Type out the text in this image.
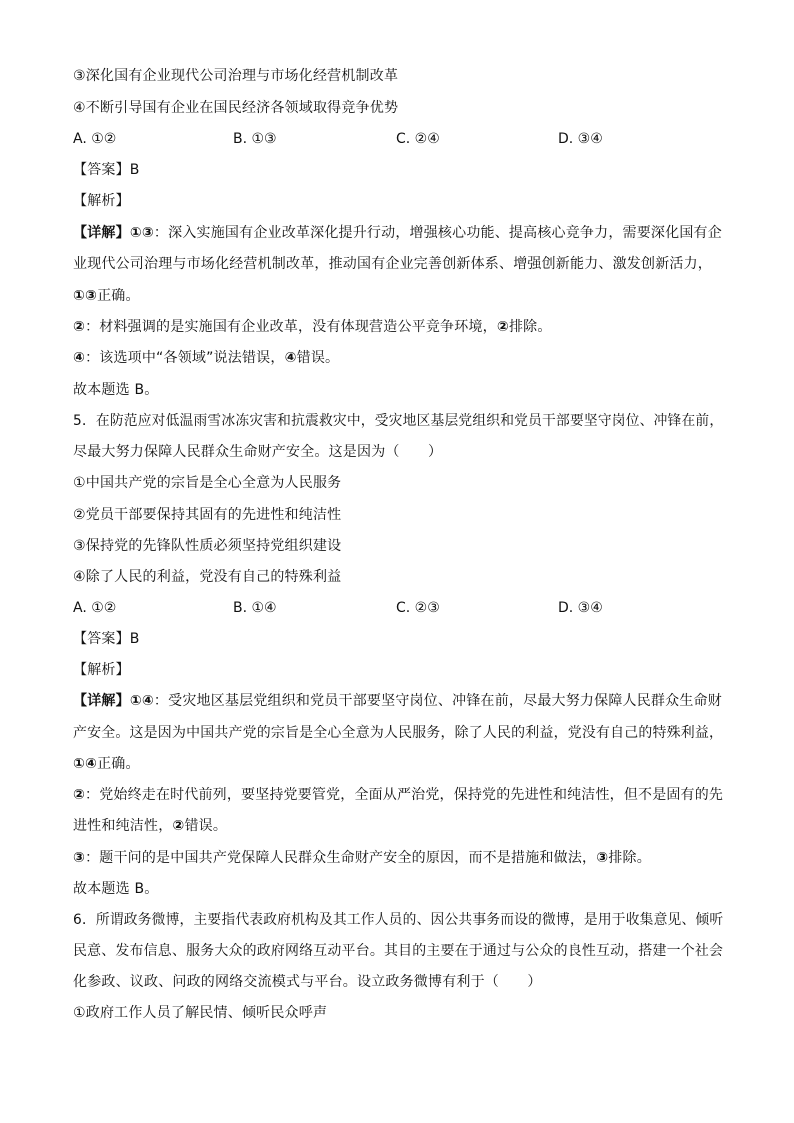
③深化国有企业现代公司治理与市场化经营机制改革
④不断引导国有企业在国民经济各领域取得竞争优势
A. ①②	B. ①③	C. ②④	D. ③④
【答案】B
【解析】
【详解】①③：深入实施国有企业改革深化提升行动，增强核心功能、提高核心竞争力，需要深化国有企
业现代公司治理与市场化经营机制改革，推动国有企业完善创新体系、增强创新能力、激发创新活力，
①③正确。
②：材料强调的是实施国有企业改革，没有体现营造公平竞争环境，②排除。
④：该选项中“各领域”说法错误，④错误。
故本题选 B。
5．在防范应对低温雨雪冰冻灾害和抗震救灾中，受灾地区基层党组织和党员干部要坚守岗位、冲锋在前，
尽最大努力保障人民群众生命财产安全。这是因为（　　）
①中国共产党的宗旨是全心全意为人民服务
②党员干部要保持其固有的先进性和纯洁性
③保持党的先锋队性质必须坚持党组织建设
④除了人民的利益，党没有自己的特殊利益
A. ①②	B. ①④	C. ②③	D. ③④
【答案】B
【解析】
【详解】①④：受灾地区基层党组织和党员干部要坚守岗位、冲锋在前，尽最大努力保障人民群众生命财
产安全。这是因为中国共产党的宗旨是全心全意为人民服务，除了人民的利益，党没有自己的特殊利益，
①④正确。
②：党始终走在时代前列，要坚持党要管党，全面从严治党，保持党的先进性和纯洁性，但不是固有的先
进性和纯洁性，②错误。
③：题干问的是中国共产党保障人民群众生命财产安全的原因，而不是措施和做法，③排除。
故本题选 B。
6．所谓政务微博，主要指代表政府机构及其工作人员的、因公共事务而设的微博，是用于收集意见、倾听
民意、发布信息、服务大众的政府网络互动平台。其目的主要在于通过与公众的良性互动，搭建一个社会
化参政、议政、问政的网络交流模式与平台。设立政务微博有利于（　　）
①政府工作人员了解民情、倾听民众呼声
